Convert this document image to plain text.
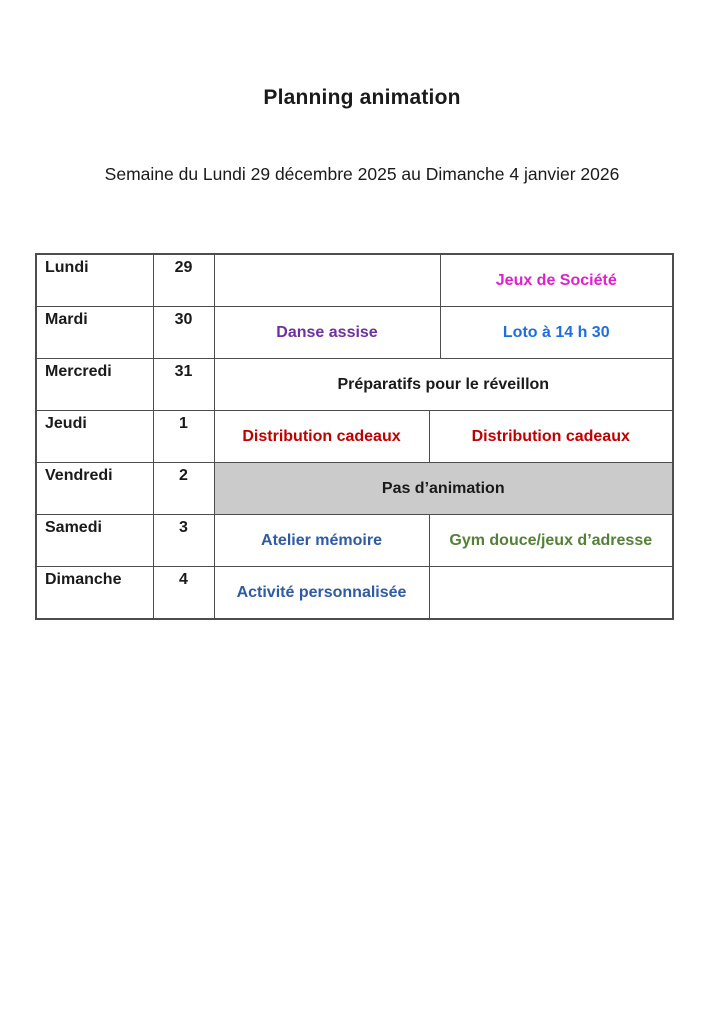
Planning animation

Semaine du Lundi 29 décembre 2025 au Dimanche 4 janvier 2026

Lundi	29			Jeux de Société
Mardi	30	Danse assise		Loto à 14 h 30
Mercredi	31	Préparatifs pour le réveillon		
Jeudi	1	Distribution cadeaux	Distribution cadeaux	
Vendredi	2	Pas d’animation		
Samedi	3	Atelier mémoire	Gym douce/jeux d’adresse	
Dimanche	4	Activité personnalisée		
